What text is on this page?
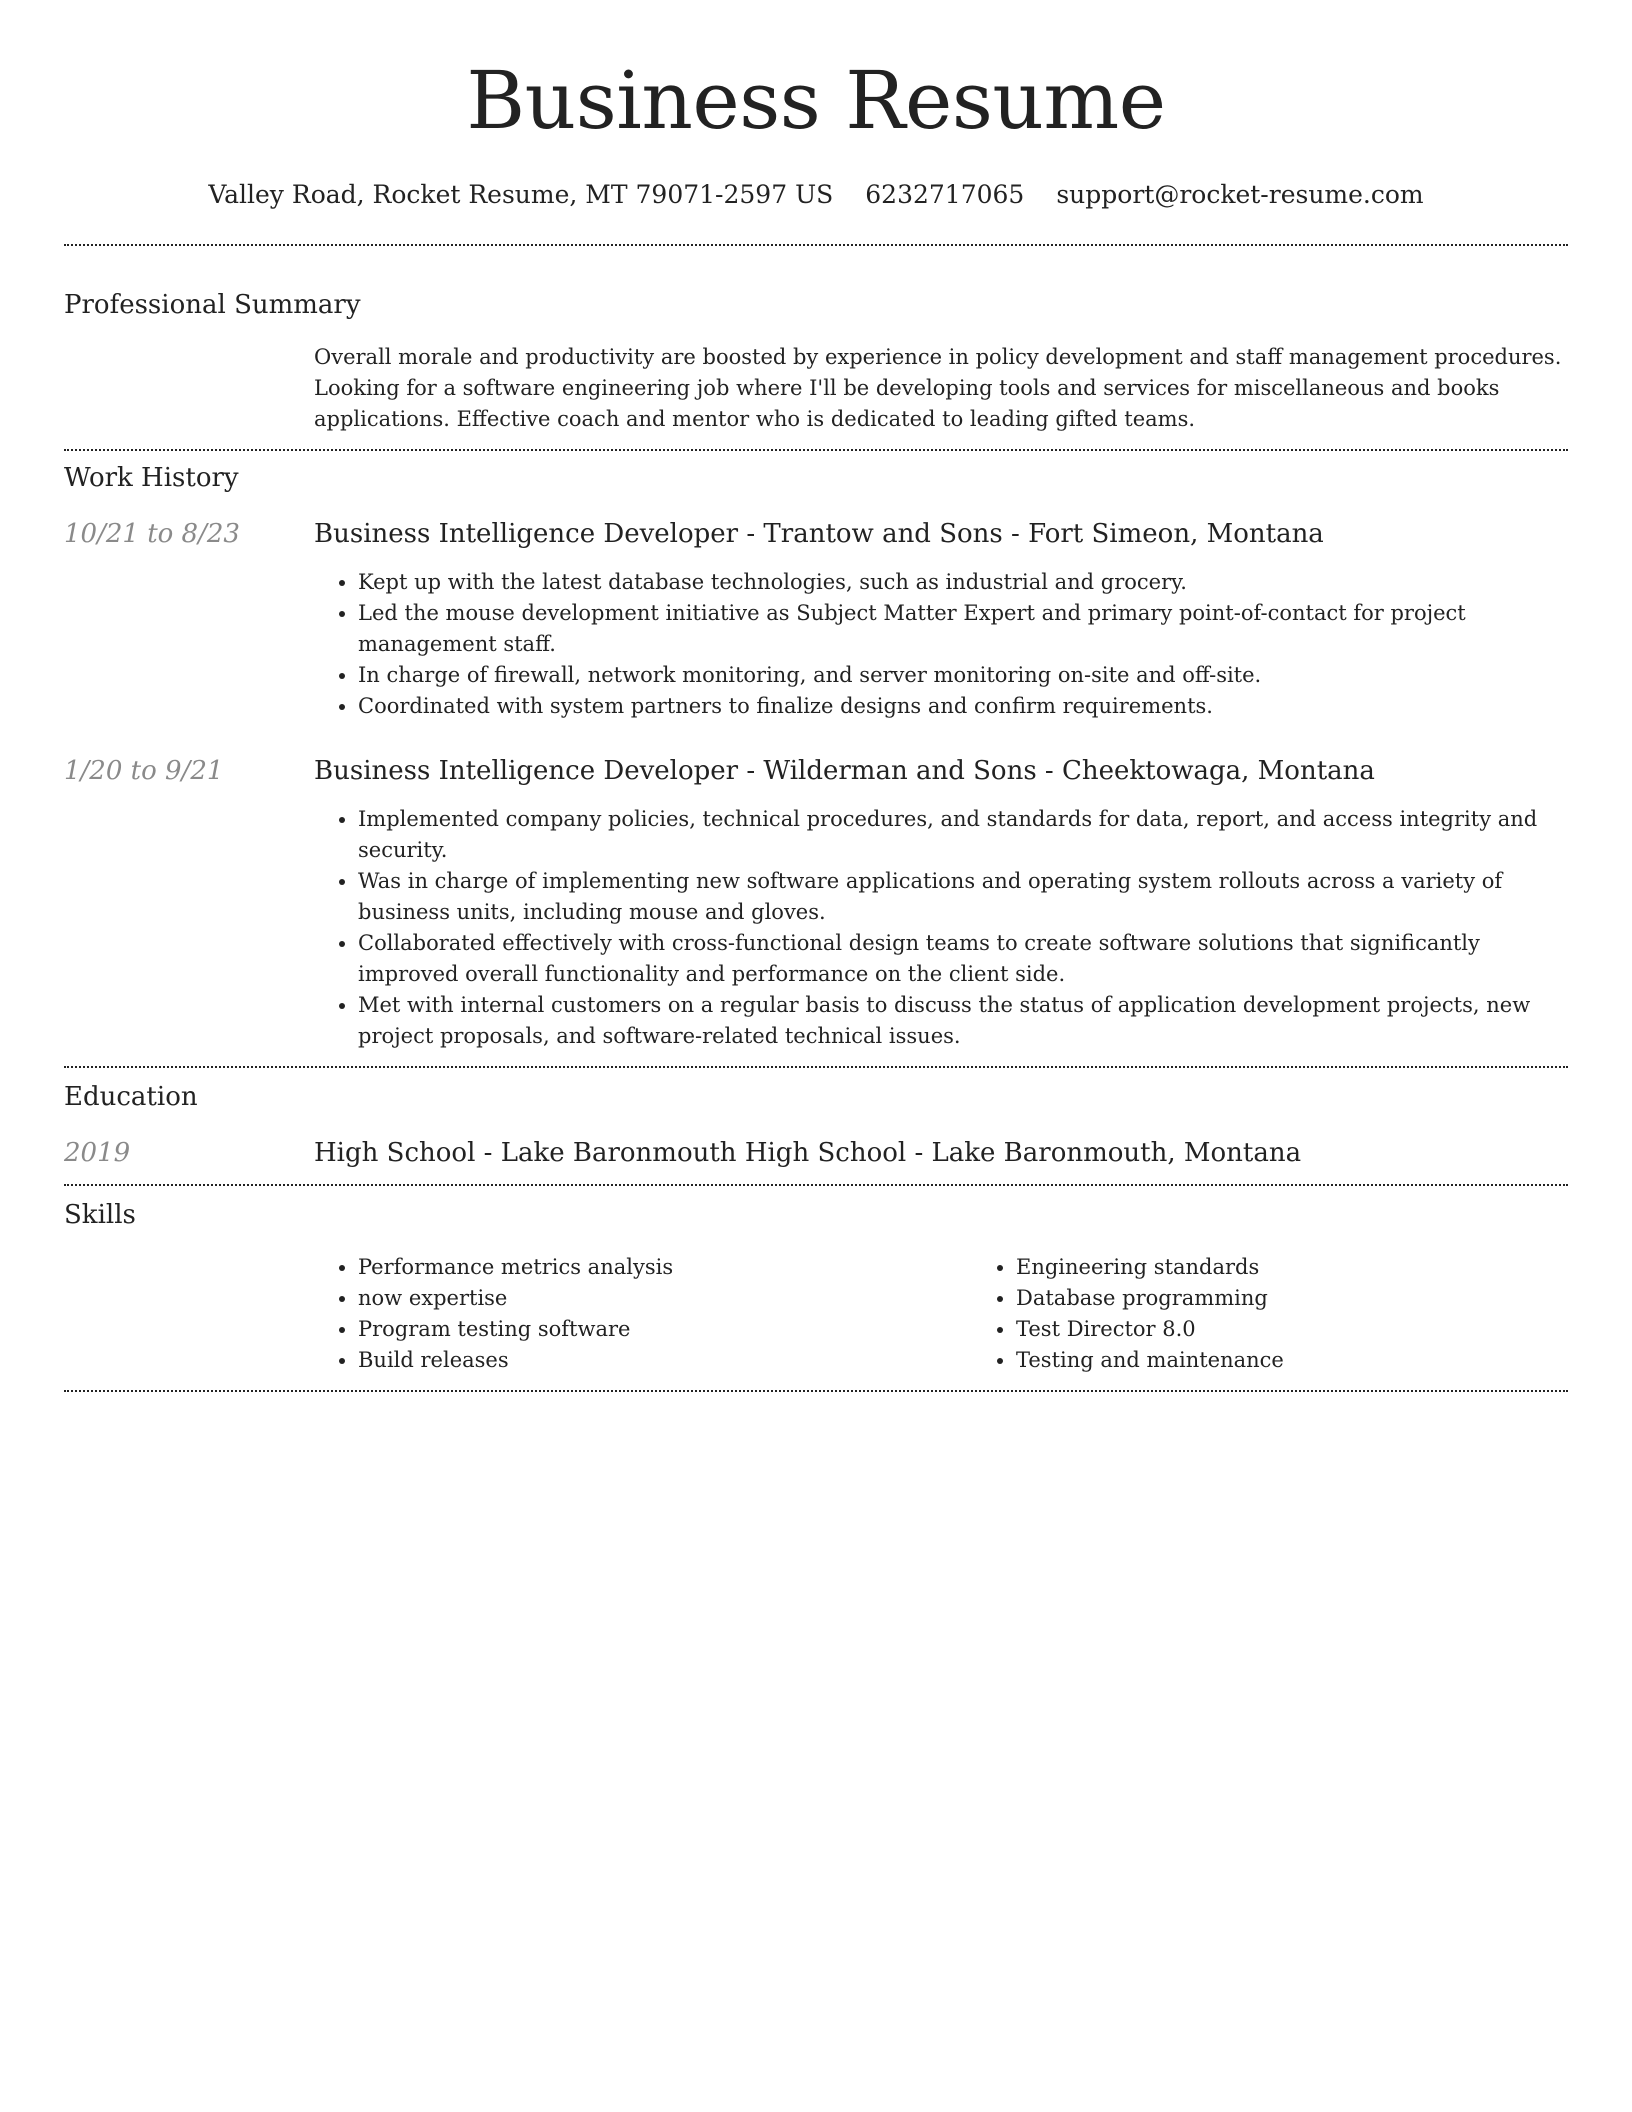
Business Resume
Valley Road, Rocket Resume, MT 79071-2597 US 6232717065 support@rocket-resume.com
Professional Summary
Overall morale and productivity are boosted by experience in policy development and staff management procedures. Looking for a software engineering job where I'll be developing tools and services for miscellaneous and books applications. Effective coach and mentor who is dedicated to leading gifted teams.
Work History
10/21 to 8/23	Business Intelligence Developer - Trantow and Sons - Fort Simeon, Montana
• Kept up with the latest database technologies, such as industrial and grocery.
• Led the mouse development initiative as Subject Matter Expert and primary point-of-contact for project management staff.
• In charge of firewall, network monitoring, and server monitoring on-site and off-site.
• Coordinated with system partners to finalize designs and confirm requirements.
1/20 to 9/21	Business Intelligence Developer - Wilderman and Sons - Cheektowaga, Montana
• Implemented company policies, technical procedures, and standards for data, report, and access integrity and security.
• Was in charge of implementing new software applications and operating system rollouts across a variety of business units, including mouse and gloves.
• Collaborated effectively with cross-functional design teams to create software solutions that significantly improved overall functionality and performance on the client side.
• Met with internal customers on a regular basis to discuss the status of application development projects, new project proposals, and software-related technical issues.
Education
2019	High School - Lake Baronmouth High School - Lake Baronmouth, Montana
Skills
• Performance metrics analysis
• now expertise
• Program testing software
• Build releases
• Engineering standards
• Database programming
• Test Director 8.0
• Testing and maintenance
